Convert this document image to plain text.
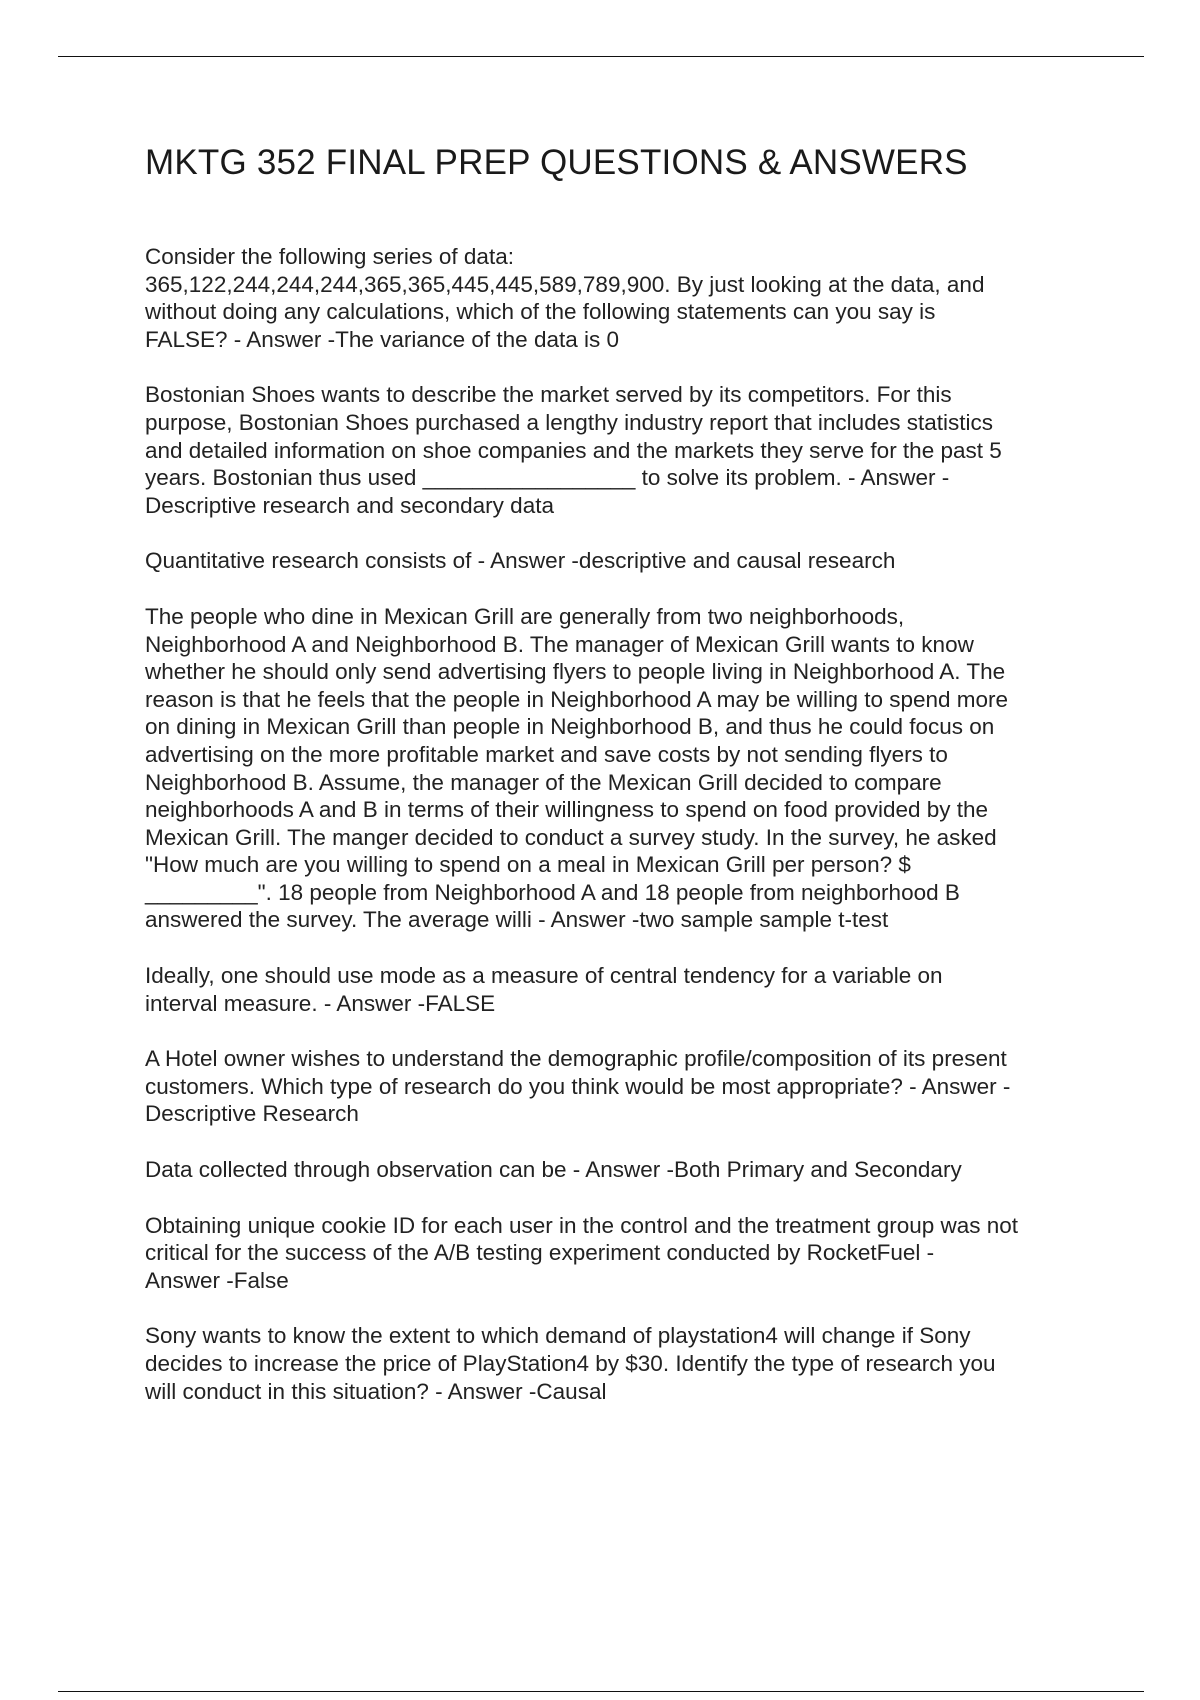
MKTG 352 FINAL PREP QUESTIONS & ANSWERS

Consider the following series of data:
365,122,244,244,244,365,365,445,445,589,789,900. By just looking at the data, and
without doing any calculations, which of the following statements can you say is
FALSE? - Answer -The variance of the data is 0

Bostonian Shoes wants to describe the market served by its competitors. For this
purpose, Bostonian Shoes purchased a lengthy industry report that includes statistics
and detailed information on shoe companies and the markets they serve for the past 5
years. Bostonian thus used _________________ to solve its problem. - Answer -
Descriptive research and secondary data

Quantitative research consists of - Answer -descriptive and causal research

The people who dine in Mexican Grill are generally from two neighborhoods,
Neighborhood A and Neighborhood B. The manager of Mexican Grill wants to know
whether he should only send advertising flyers to people living in Neighborhood A. The
reason is that he feels that the people in Neighborhood A may be willing to spend more
on dining in Mexican Grill than people in Neighborhood B, and thus he could focus on
advertising on the more profitable market and save costs by not sending flyers to
Neighborhood B. Assume, the manager of the Mexican Grill decided to compare
neighborhoods A and B in terms of their willingness to spend on food provided by the
Mexican Grill. The manger decided to conduct a survey study. In the survey, he asked
"How much are you willing to spend on a meal in Mexican Grill per person? $
_________". 18 people from Neighborhood A and 18 people from neighborhood B
answered the survey. The average willi - Answer -two sample sample t-test

Ideally, one should use mode as a measure of central tendency for a variable on
interval measure. - Answer -FALSE

A Hotel owner wishes to understand the demographic profile/composition of its present
customers. Which type of research do you think would be most appropriate? - Answer -
Descriptive Research

Data collected through observation can be - Answer -Both Primary and Secondary

Obtaining unique cookie ID for each user in the control and the treatment group was not
critical for the success of the A/B testing experiment conducted by RocketFuel -
Answer -False

Sony wants to know the extent to which demand of playstation4 will change if Sony
decides to increase the price of PlayStation4 by $30. Identify the type of research you
will conduct in this situation? - Answer -Causal
